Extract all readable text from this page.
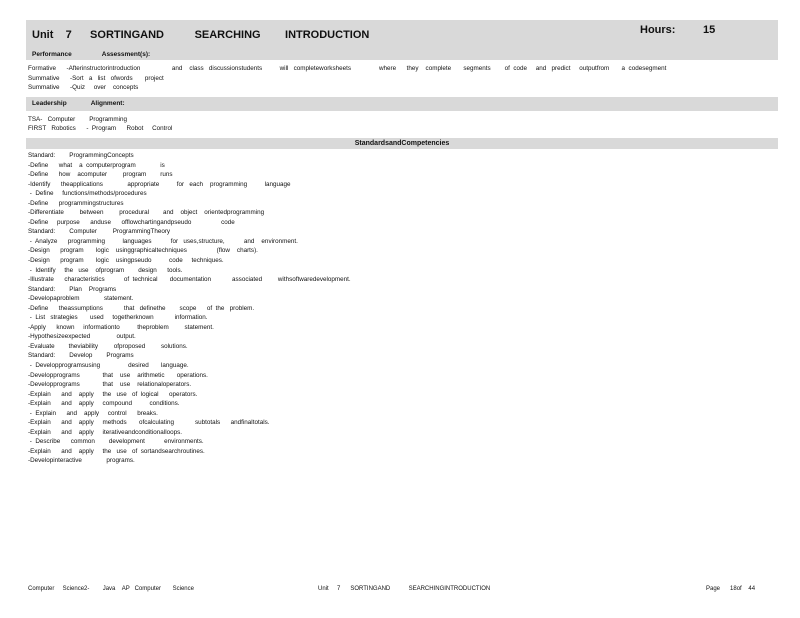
Unit    7      SORTINGAND          SEARCHING        INTRODUCTION	Hours:         15
Performance	Assessment(s):
Formative      -Afterinstructorintroduction                  and    class   discussionstudents          will   completeworksheets                where      they    complete       segments        of  code     and   predict     outputfrom       a  codesegment
Summative      -Sort   a   list   ofwords       project
Summative      -Quiz     over    concepts
Leadership	Alignment:
TSA-   Computer        Programming
FIRST   Robotics      -  Program      Robot     Control
StandardsandCompetencies
Standard:        ProgrammingConcepts
-Define      what    a  computerprogram              is
-Define      how    acomputer         program        runs
-Identify      theapplications              appropriate          for   each    programming          language
-  Define     functions/methods/procedures
-Define      programmingstructures
-Differentiate         between         procedural        and    object    orientedprogramming
-Define     purpose      anduse      offlowchartingandpseudo                 code
Standard:        Computer         ProgrammingTheory
-  Analyze      programming          languages           for   uses,structure,           and    environment.
-Design      program       logic    usinggraphicaltechniques                 (flow    charts).
-Design      program       logic    usingpseudo          code     techniques.
-  Identify     the   use    ofprogram        design      tools.
-Illustrate      characteristics           of  technical       documentation            associated         withsoftwaredevelopment.
Standard:        Plan    Programs
-Developaproblem              statement.
-Define      theassumptions            that   definethe        scope      of  the   problem.
-  List   strategies       used     togetherknown            information.
-Apply      known     informationto          theproblem         statement.
-Hypothesizeexpected               output.
-Evaluate        theviability         ofproposed         solutions.
Standard:        Develop        Programs
-  Developprogramsusing                desired       language.
-Developprograms             that    use    arithmetic       operations.
-Developprograms             that    use    relationaloperators.
-Explain      and    apply     the   use   of  logical      operators.
-Explain      and    apply     compound          conditions.
-  Explain      and    apply     control      breaks.
-Explain      and    apply     methods       ofcalculating            subtotals      andfinaltotals.
-Explain      and    apply     iterativeandconditionalloops.
-  Describe      common        development           environments.
-Explain      and    apply     the   use   of  sortandsearchroutines.
-Developinteractive              programs.
Computer     Science2-        Java    AP   Computer       Science	Unit     7      SORTINGAND           SEARCHINGINTRODUCTION	Page      18of    44
